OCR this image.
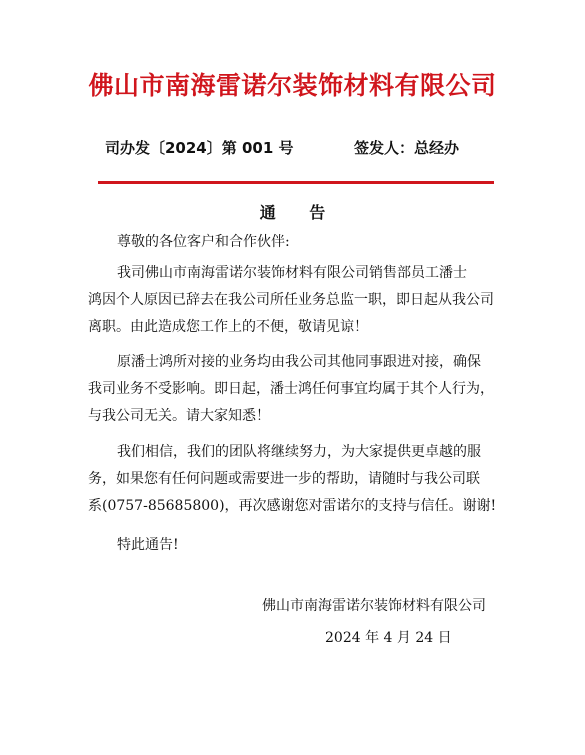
佛山市南海雷诺尔装饰材料有限公司
司办发〔2024〕第 001 号	签发人：总经办
通 告
尊敬的各位客户和合作伙伴:
我司佛山市南海雷诺尔装饰材料有限公司销售部员工潘士
鸿因个人原因已辞去在我公司所任业务总监一职，即日起从我公司
离职。由此造成您工作上的不便，敬请见谅！
原潘士鸿所对接的业务均由我公司其他同事跟进对接，确保
我司业务不受影响。即日起，潘士鸿任何事宜均属于其个人行为，
与我公司无关。请大家知悉！
我们相信，我们的团队将继续努力，为大家提供更卓越的服
务，如果您有任何问题或需要进一步的帮助，请随时与我公司联
系(0757-85685800)，再次感谢您对雷诺尔的支持与信任。谢谢!
特此通告!
佛山市南海雷诺尔装饰材料有限公司
2024 年 4 月 24 日
